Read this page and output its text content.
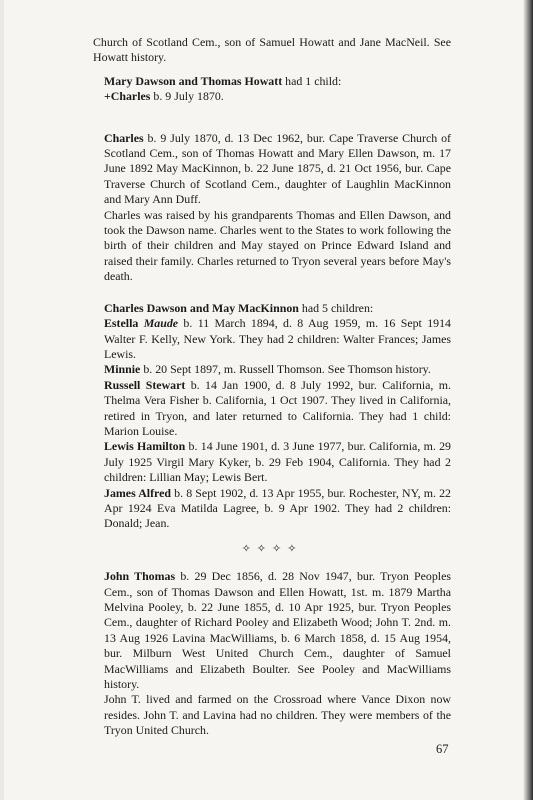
Church of Scotland Cem., son of Samuel Howatt and Jane MacNeil. See Howatt history.

Mary Dawson and Thomas Howatt had 1 child:

+Charles b. 9 July 1870.

Charles b. 9 July 1870, d. 13 Dec 1962, bur. Cape Traverse Church of Scotland Cem., son of Thomas Howatt and Mary Ellen Dawson, m. 17 June 1892 May MacKinnon, b. 22 June 1875, d. 21 Oct 1956, bur. Cape Traverse Church of Scotland Cem., daughter of Laughlin MacKinnon and Mary Ann Duff.

Charles was raised by his grandparents Thomas and Ellen Dawson, and took the Dawson name. Charles went to the States to work following the birth of their children and May stayed on Prince Edward Island and raised their family. Charles returned to Tryon several years before May's death.

Charles Dawson and May MacKinnon had 5 children:

Estella Maude b. 11 March 1894, d. 8 Aug 1959, m. 16 Sept 1914 Walter F. Kelly, New York. They had 2 children: Walter Frances; James Lewis.

Minnie b. 20 Sept 1897, m. Russell Thomson. See Thomson history.

Russell Stewart b. 14 Jan 1900, d. 8 July 1992, bur. California, m. Thelma Vera Fisher b. California, 1 Oct 1907. They lived in California, retired in Tryon, and later returned to California. They had 1 child: Marion Louise.

Lewis Hamilton b. 14 June 1901, d. 3 June 1977, bur. California, m. 29 July 1925 Virgil Mary Kyker, b. 29 Feb 1904, California. They had 2 children: Lillian May; Lewis Bert.

James Alfred b. 8 Sept 1902, d. 13 Apr 1955, bur. Rochester, NY, m. 22 Apr 1924 Eva Matilda Lagree, b. 9 Apr 1902. They had 2 children: Donald; Jean.

✧✧✧✧

John Thomas b. 29 Dec 1856, d. 28 Nov 1947, bur. Tryon Peoples Cem., son of Thomas Dawson and Ellen Howatt, 1st. m. 1879 Martha Melvina Pooley, b. 22 June 1855, d. 10 Apr 1925, bur. Tryon Peoples Cem., daughter of Richard Pooley and Elizabeth Wood; John T. 2nd. m. 13 Aug 1926 Lavina MacWilliams, b. 6 March 1858, d. 15 Aug 1954, bur. Milburn West United Church Cem., daughter of Samuel MacWilliams and Elizabeth Boulter. See Pooley and MacWilliams history.

John T. lived and farmed on the Crossroad where Vance Dixon now resides. John T. and Lavina had no children. They were members of the Tryon United Church.

67
